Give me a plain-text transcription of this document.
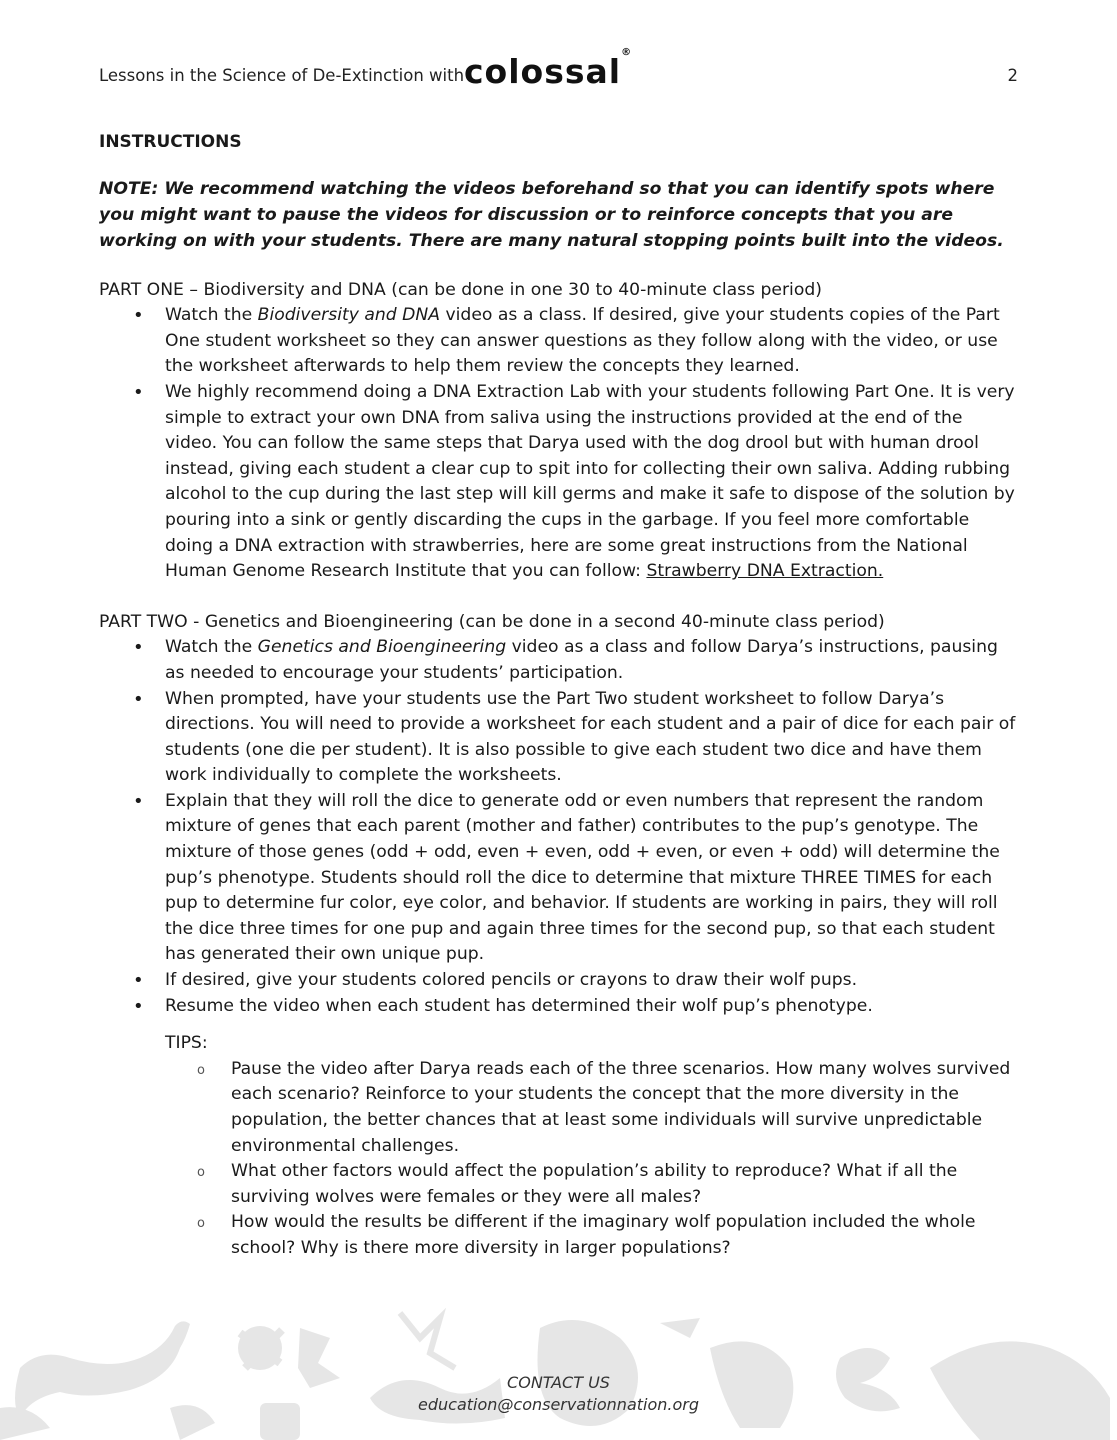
Lessons in the Science of De-Extinction with colossal®
2
INSTRUCTIONS
NOTE: We recommend watching the videos beforehand so that you can identify spots where you might want to pause the videos for discussion or to reinforce concepts that you are working on with your students. There are many natural stopping points built into the videos.
PART ONE – Biodiversity and DNA (can be done in one 30 to 40-minute class period)
• Watch the Biodiversity and DNA video as a class. If desired, give your students copies of the Part One student worksheet so they can answer questions as they follow along with the video, or use the worksheet afterwards to help them review the concepts they learned.
• We highly recommend doing a DNA Extraction Lab with your students following Part One. It is very simple to extract your own DNA from saliva using the instructions provided at the end of the video. You can follow the same steps that Darya used with the dog drool but with human drool instead, giving each student a clear cup to spit into for collecting their own saliva. Adding rubbing alcohol to the cup during the last step will kill germs and make it safe to dispose of the solution by pouring into a sink or gently discarding the cups in the garbage. If you feel more comfortable doing a DNA extraction with strawberries, here are some great instructions from the National Human Genome Research Institute that you can follow: Strawberry DNA Extraction.
PART TWO - Genetics and Bioengineering (can be done in a second 40-minute class period)
• Watch the Genetics and Bioengineering video as a class and follow Darya’s instructions, pausing as needed to encourage your students’ participation.
• When prompted, have your students use the Part Two student worksheet to follow Darya’s directions. You will need to provide a worksheet for each student and a pair of dice for each pair of students (one die per student). It is also possible to give each student two dice and have them work individually to complete the worksheets.
• Explain that they will roll the dice to generate odd or even numbers that represent the random mixture of genes that each parent (mother and father) contributes to the pup’s genotype. The mixture of those genes (odd + odd, even + even, odd + even, or even + odd) will determine the pup’s phenotype. Students should roll the dice to determine that mixture THREE TIMES for each pup to determine fur color, eye color, and behavior. If students are working in pairs, they will roll the dice three times for one pup and again three times for the second pup, so that each student has generated their own unique pup.
• If desired, give your students colored pencils or crayons to draw their wolf pups.
• Resume the video when each student has determined their wolf pup’s phenotype.
TIPS:
o Pause the video after Darya reads each of the three scenarios. How many wolves survived each scenario? Reinforce to your students the concept that the more diversity in the population, the better chances that at least some individuals will survive unpredictable environmental challenges.
o What other factors would affect the population’s ability to reproduce? What if all the surviving wolves were females or they were all males?
o How would the results be different if the imaginary wolf population included the whole school? Why is there more diversity in larger populations?
CONTACT US
education@conservationnation.org
